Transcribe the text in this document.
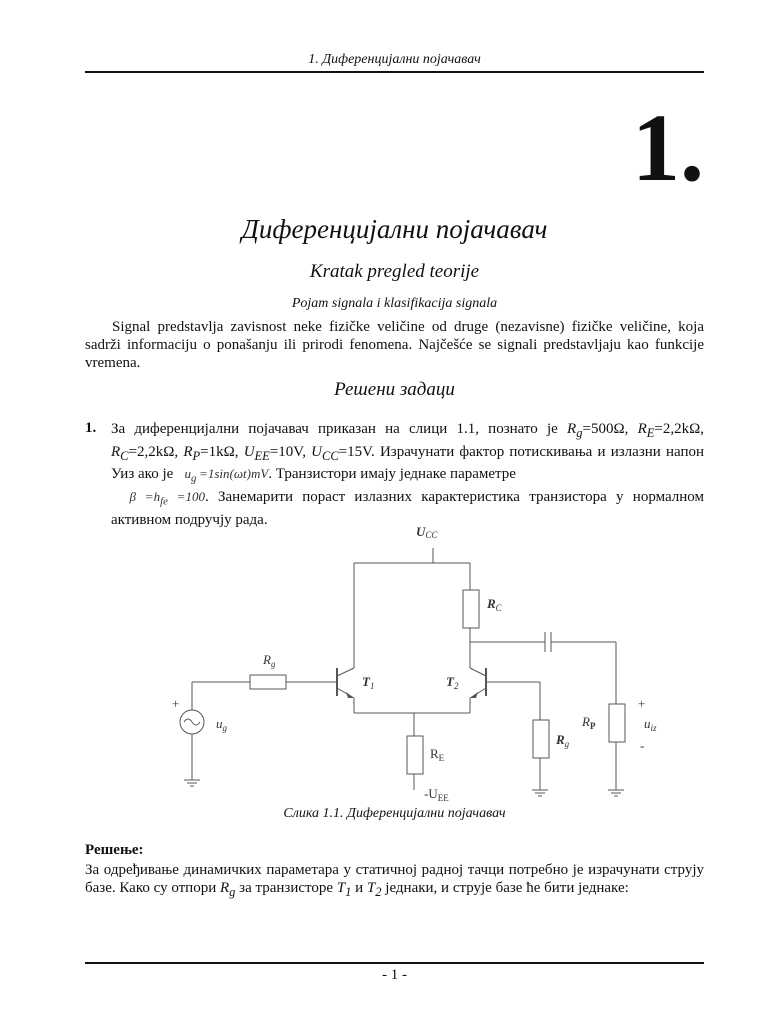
1. Диференцијални појачавач
1.
Диференцијални појачавач
Kratak pregled teorije
Pojam signala i klasifikacija signala
Signal predstavlja zavisnost neke fizičke veličine od druge (nezavisne) fizičke veličine, koja sadrži informaciju o ponašanju ili prirodi fenomena. Najčešće se signali predstavljaju kao funkcije vremena.
Решени задаци
1. За диференцијални појачавач приказан на слици 1.1, познато је $R_g=500\Omega$, $R_E=2,2k\Omega$, $R_C=2,2k\Omega$, $R_P=1k\Omega$, $U_{EE}=10V$, $U_{CC}=15V$. Израчунати фактор потискивања и излазни напон Уиз ако је $u_g =1\sin(\omega t)mV$. Транзистори имају једнаке параметре
$\beta =h_{fe} =100$. Занемарити пораст излазних карактеристика транзистора у нормалном активном подручју рада.
UCC
$R_C$
$R_g$
$T_1$	$T_2$
+
$u_g$
$R_E$
$-U_{EE}$
$R_g$
$R_P$
+
$u_{iz}$
-
Слика 1.1. Диференцијални појачавач
Решење:
За одређивање динамичких параметара у статичној радној тачци потребно је израчунати струју базе. Како су отпори $R_g$ за транзисторе $T_1$ и $T_2$ једнаки, и струје базе ће бити једнаке:
- 1 -
